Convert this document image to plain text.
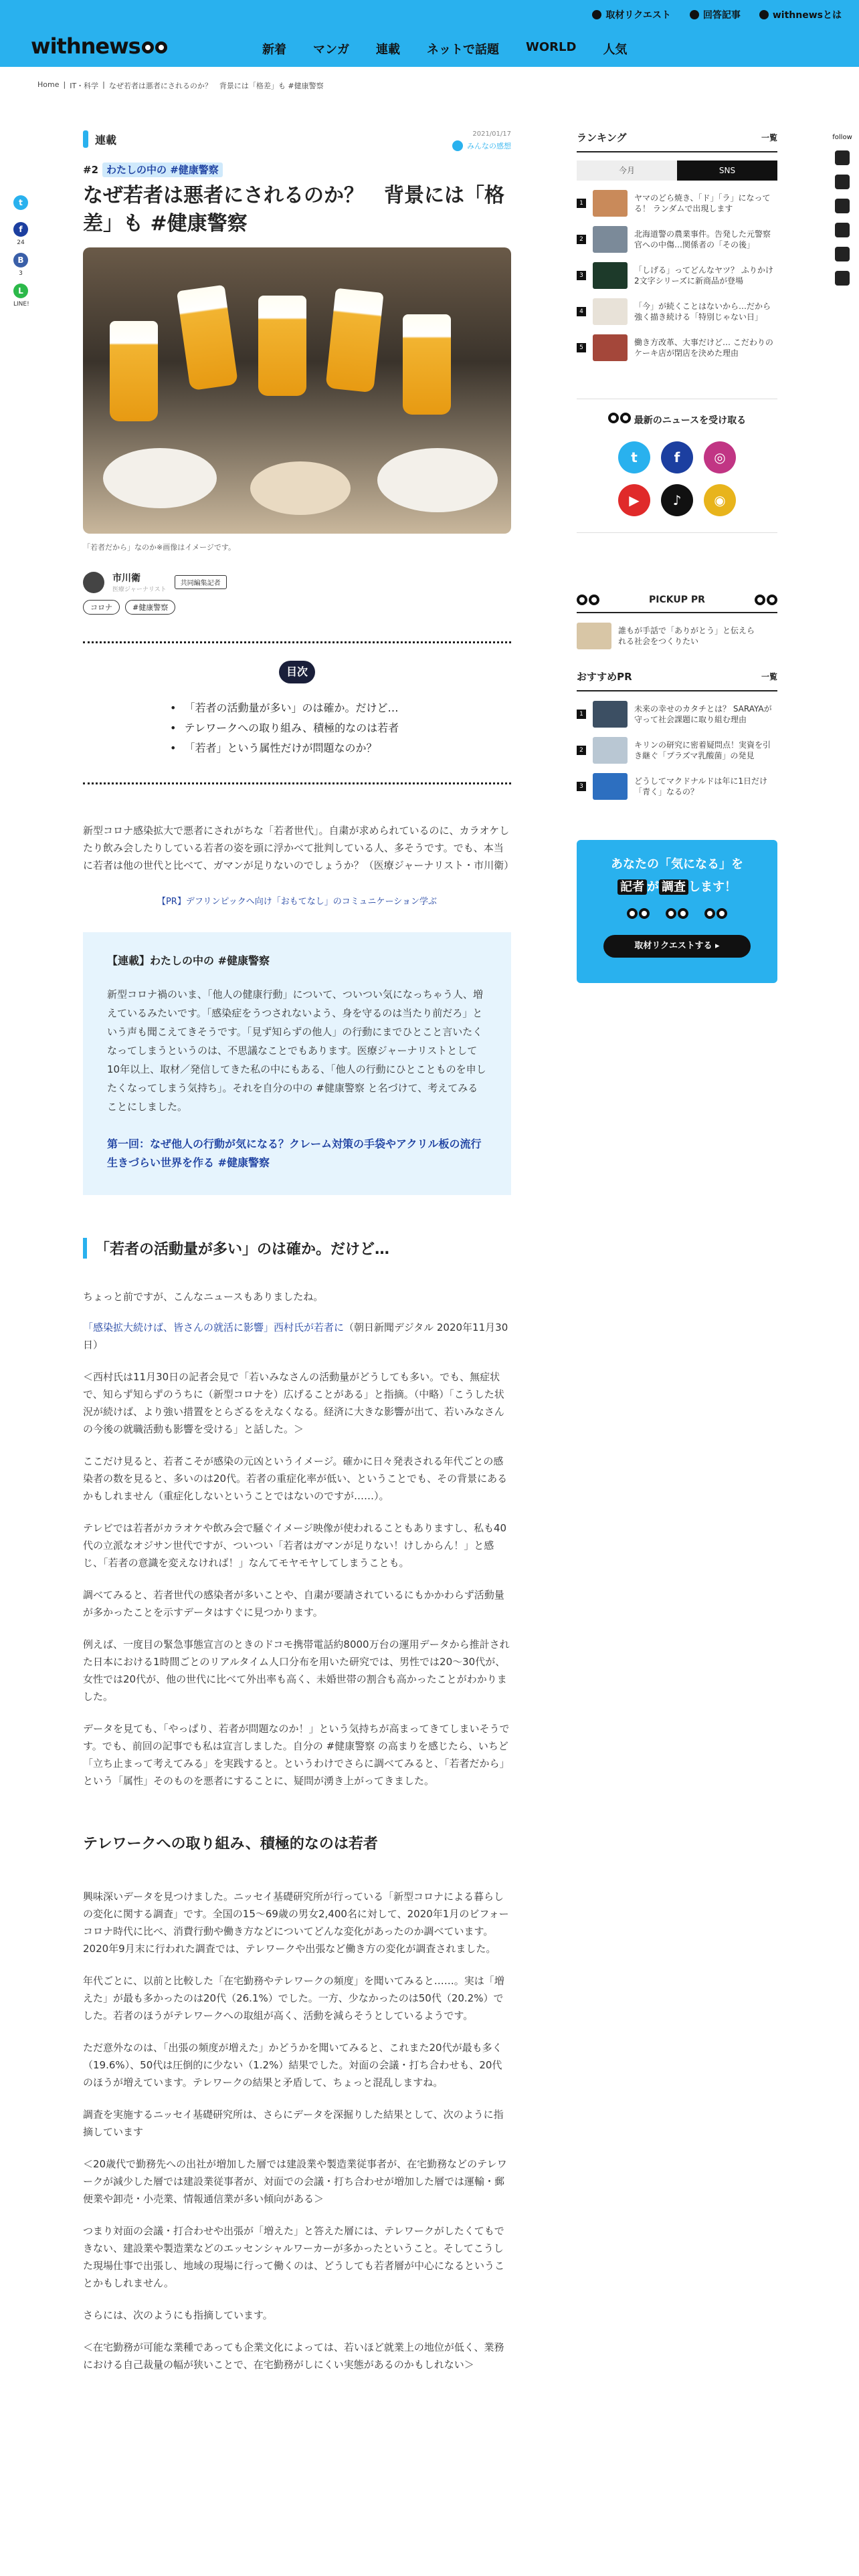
取材リクエスト	回答記事	withnewsとは
withnews	新着 マンガ 連載 ネットで話題 WORLD 人気
Home | IT・科学 | なぜ若者は悪者にされるのか？　背景には「格差」も #健康警察
follow
t
f
24
B
3
L
LINE!
連載	2021/01/17
みんなの感想
#2 わたしの中の #健康警察
なぜ若者は悪者にされるのか？　背景には「格差」も #健康警察
「若者だから」なのか※画像はイメージです。
市川衛
医療ジャーナリスト
共同編集記者
コロナ	#健康警察
目次
• 「若者の活動量が多い」のは確か。だけど…
• テレワークへの取り組み、積極的なのは若者
• 「若者」という属性だけが問題なのか？

新型コロナ感染拡大で悪者にされがちな「若者世代」。自粛が求められているのに、カラオケしたり飲み会したりしている若者の姿を頭に浮かべて批判している人、多そうです。でも、本当に若者は他の世代と比べて、ガマンが足りないのでしょうか？（医療ジャーナリスト・市川衛）

【PR】デフリンピックへ向け「おもてなし」のコミュニケーション学ぶ
【連載】わたしの中の #健康警察

新型コロナ禍のいま、「他人の健康行動」について、ついつい気になっちゃう人、増えているみたいです。「感染症をうつされないよう、身を守るのは当たり前だろ」という声も聞こえてきそうです。「見ず知らずの他人」の行動にまでひとこと言いたくなってしまうというのは、不思議なことでもあります。医療ジャーナリストとして10年以上、取材／発信してきた私の中にもある、「他人の行動にひとことものを申したくなってしまう気持ち」。それを自分の中の #健康警察 と名づけて、考えてみることにしました。

第一回：なぜ他人の行動が気になる？クレーム対策の手袋やアクリル板の流行　生きづらい世界を作る #健康警察
「若者の活動量が多い」のは確か。だけど…

ちょっと前ですが、こんなニュースもありましたね。

「感染拡大続けば、皆さんの就活に影響」西村氏が若者に（朝日新聞デジタル 2020年11月30日）

＜西村氏は11月30日の記者会見で「若いみなさんの活動量がどうしても多い。でも、無症状で、知らず知らずのうちに（新型コロナを）広げることがある」と指摘。（中略）「こうした状況が続けば、より強い措置をとらざるをえなくなる。経済に大きな影響が出て、若いみなさんの今後の就職活動も影響を受ける」と話した。＞

ここだけ見ると、若者こそが感染の元凶というイメージ。確かに日々発表される年代ごとの感染者の数を見ると、多いのは20代。若者の重症化率が低い、ということでも、その背景にあるかもしれません（重症化しないということではないのですが……）。

テレビでは若者がカラオケや飲み会で騒ぐイメージ映像が使われることもありますし、私も40代の立派なオジサン世代ですが、ついつい「若者はガマンが足りない！けしからん！」と感じ、「若者の意識を変えなければ！」なんてモヤモヤしてしまうことも。

調べてみると、若者世代の感染者が多いことや、自粛が要請されているにもかかわらず活動量が多かったことを示すデータはすぐに見つかります。

例えば、一度目の緊急事態宣言のときのドコモ携帯電話約8000万台の運用データから推計された日本における1時間ごとのリアルタイム人口分布を用いた研究では、男性では20〜30代が、女性では20代が、他の世代に比べて外出率も高く、未婚世帯の割合も高かったことがわかりました。

データを見ても、「やっぱり、若者が問題なのか！」という気持ちが高まってきてしまいそうです。でも、前回の記事でも私は宣言しました。自分の #健康警察 の高まりを感じたら、いちど「立ち止まって考えてみる」を実践すると。というわけでさらに調べてみると、「若者だから」という「属性」そのものを悪者にすることに、疑問が湧き上がってきました。

テレワークへの取り組み、積極的なのは若者

興味深いデータを見つけました。ニッセイ基礎研究所が行っている「新型コロナによる暮らしの変化に関する調査」です。全国の15〜69歳の男女2,400名に対して、2020年1月のビフォーコロナ時代に比べ、消費行動や働き方などについてどんな変化があったのか調べています。2020年9月末に行われた調査では、テレワークや出張など働き方の変化が調査されました。

年代ごとに、以前と比較した「在宅勤務やテレワークの頻度」を聞いてみると……。実は「増えた」が最も多かったのは20代（26.1%）でした。一方、少なかったのは50代（20.2%）でした。若者のほうがテレワークへの取組が高く、活動を減らそうとしているようです。

ただ意外なのは、「出張の頻度が増えた」かどうかを聞いてみると、これまた20代が最も多く（19.6%）、50代は圧倒的に少ない（1.2%）結果でした。対面の会議・打ち合わせも、20代のほうが増えています。テレワークの結果と矛盾して、ちょっと混乱しますね。

調査を実施するニッセイ基礎研究所は、さらにデータを深掘りした結果として、次のように指摘しています

＜20歳代で勤務先への出社が増加した層では建設業や製造業従事者が、在宅勤務などのテレワークが減少した層では建設業従事者が、対面での会議・打ち合わせが増加した層では運輸・郵便業や卸売・小売業、情報通信業が多い傾向がある＞

つまり対面の会議・打合わせや出張が「増えた」と答えた層には、テレワークがしたくてもできない、建設業や製造業などのエッセンシャルワーカーが多かったということ。そしてこうした現場仕事で出張し、地域の現場に行って働くのは、どうしても若者層が中心になるということかもしれません。

さらには、次のようにも指摘しています。

＜在宅勤務が可能な業種であっても企業文化によっては、若いほど就業上の地位が低く、業務における自己裁量の幅が狭いことで、在宅勤務がしにくい実態があるのかもしれない＞

ランキング	一覧
今月	SNS
1
ヤマのどら焼き、「ド」「ラ」になってる！ ランダムで出現します
2
北海道警の農業事件。告発した元警察官への中傷…関係者の「その後」
3
「しげる」ってどんなヤツ？ ふりかけ2文字シリーズに新商品が登場
4
「今」が続くことはないから…だから強く描き続ける「特別じゃない日」
5
働き方改革、大事だけど… こだわりのケーキ店が閉店を決めた理由
最新のニュースを受け取る
t	f	◎
▶	♪	◉
PICKUP PR
誰もが手話で「ありがとう」と伝えられる社会をつくりたい
おすすめPR	一覧
1
未来の幸せのカタチとは？ SARAYAが守って社会課題に取り組む理由
2
キリンの研究に密着疑問点！実資を引き継ぐ「プラズマ乳酸菌」の発見
3
どうしてマクドナルドは年に1日だけ「青く」なるの？
あなたの「気になる」を
記者 が 調査 します！
取材リクエストする ▸
